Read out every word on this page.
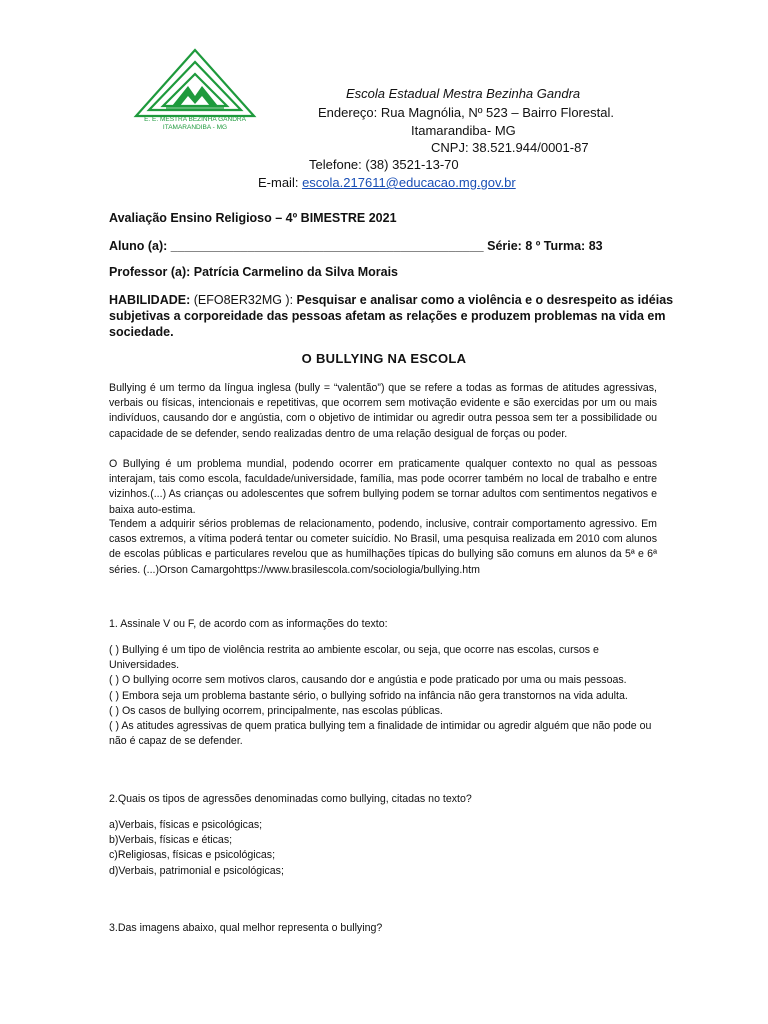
E. E. MESTRA BEZINHA GANDRA
ITAMARANDIBA - MG
Escola Estadual Mestra Bezinha Gandra
Endereço: Rua Magnólia, Nº 523 – Bairro Florestal.
Itamarandiba- MG
CNPJ: 38.521.944/0001-87
Telefone: (38) 3521-13-70
E-mail: escola.217611@educacao.mg.gov.br
Avaliação Ensino Religioso – 4º BIMESTRE 2021
Aluno (a): _____________________________________________ Série: 8 º Turma: 83
Professor (a): Patrícia Carmelino da Silva Morais
HABILIDADE: (EFO8ER32MG ): Pesquisar e analisar como a violência e o desrespeito as idéias
subjetivas a corporeidade das pessoas afetam as relações e produzem problemas na vida em
sociedade.
O BULLYING NA ESCOLA
Bullying é um termo da língua inglesa (bully = “valentão”) que se refere a todas as formas de atitudes agressivas, verbais ou físicas, intencionais e repetitivas, que ocorrem sem motivação evidente e são exercidas por um ou mais indivíduos, causando dor e angústia, com o objetivo de intimidar ou agredir outra pessoa sem ter a possibilidade ou capacidade de se defender, sendo realizadas dentro de uma relação desigual de forças ou poder.
O Bullying é um problema mundial, podendo ocorrer em praticamente qualquer contexto no qual as pessoas interajam, tais como escola, faculdade/universidade, família, mas pode ocorrer também no local de trabalho e entre vizinhos.(...) As crianças ou adolescentes que sofrem bullying podem se tornar adultos com sentimentos negativos e baixa auto-estima.
Tendem a adquirir sérios problemas de relacionamento, podendo, inclusive, contrair comportamento agressivo. Em casos extremos, a vítima poderá tentar ou cometer suicídio. No Brasil, uma pesquisa realizada em 2010 com alunos de escolas públicas e particulares revelou que as humilhações típicas do bullying são comuns em alunos da 5ª e 6ª séries. (...)Orson Camargohttps://www.brasilescola.com/sociologia/bullying.htm
1. Assinale V ou F, de acordo com as informações do texto:
( ) Bullying é um tipo de violência restrita ao ambiente escolar, ou seja, que ocorre nas escolas, cursos e Universidades.
( ) O bullying ocorre sem motivos claros, causando dor e angústia e pode praticado por uma ou mais pessoas.
( ) Embora seja um problema bastante sério, o bullying sofrido na infância não gera transtornos na vida adulta.
( ) Os casos de bullying ocorrem, principalmente, nas escolas públicas.
( ) As atitudes agressivas de quem pratica bullying tem a finalidade de intimidar ou agredir alguém que não pode ou não é capaz de se defender.
2.Quais os tipos de agressões denominadas como bullying, citadas no texto?
a)Verbais, físicas e psicológicas;
b)Verbais, físicas e éticas;
c)Religiosas, físicas e psicológicas;
d)Verbais, patrimonial e psicológicas;
3.Das imagens abaixo, qual melhor representa o bullying?
